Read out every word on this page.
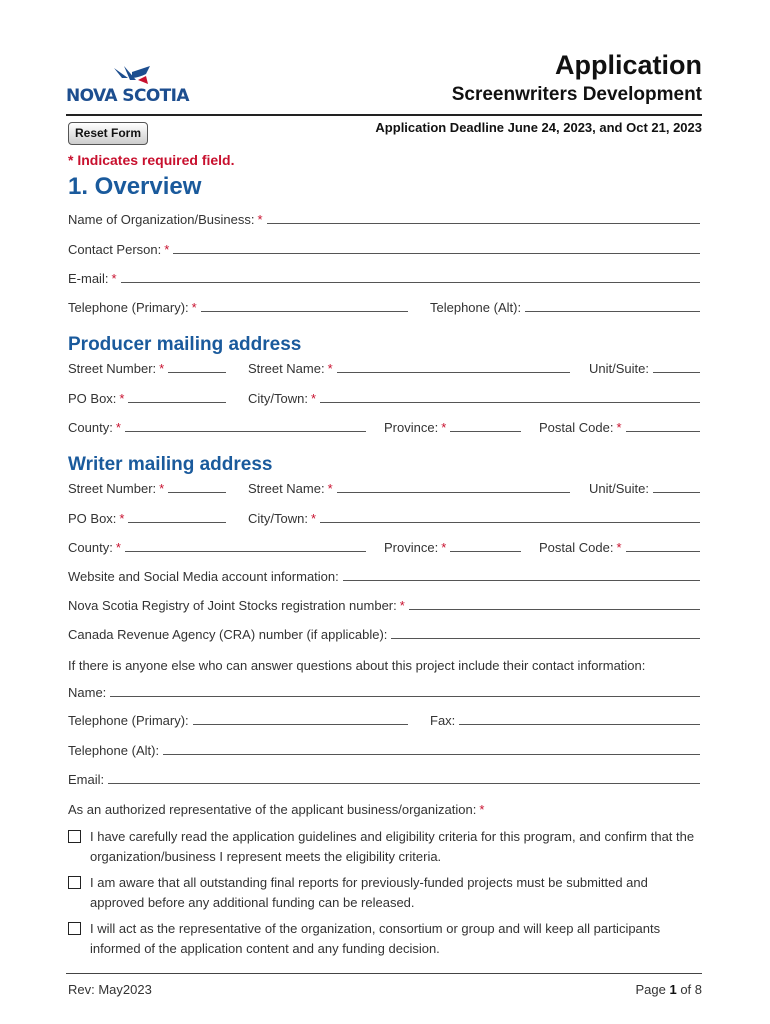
NOVA SCOTIA
Application
Screenwriters Development
Reset Form	Application Deadline June 24, 2023, and Oct 21, 2023
* Indicates required field.
1. Overview
Name of Organization/Business: *
Contact Person: *
E-mail: *
Telephone (Primary): *	Telephone (Alt):
Producer mailing address
Street Number: *	Street Name: *	Unit/Suite:
PO Box: *	City/Town: *
County: *	Province: *	Postal Code: *
Writer mailing address
Street Number: *	Street Name: *	Unit/Suite:
PO Box: *	City/Town: *
County: *	Province: *	Postal Code: *
Website and Social Media account information:
Nova Scotia Registry of Joint Stocks registration number: *
Canada Revenue Agency (CRA) number (if applicable):
If there is anyone else who can answer questions about this project include their contact information:
Name:
Telephone (Primary):	Fax:
Telephone (Alt):
Email:
As an authorized representative of the applicant business/organization: *
I have carefully read the application guidelines and eligibility criteria for this program, and confirm that the organization/business I represent meets the eligibility criteria.
I am aware that all outstanding final reports for previously-funded projects must be submitted and approved before any additional funding can be released.
I will act as the representative of the organization, consortium or group and will keep all participants informed of the application content and any funding decision.
Rev: May2023	Page 1 of 8
